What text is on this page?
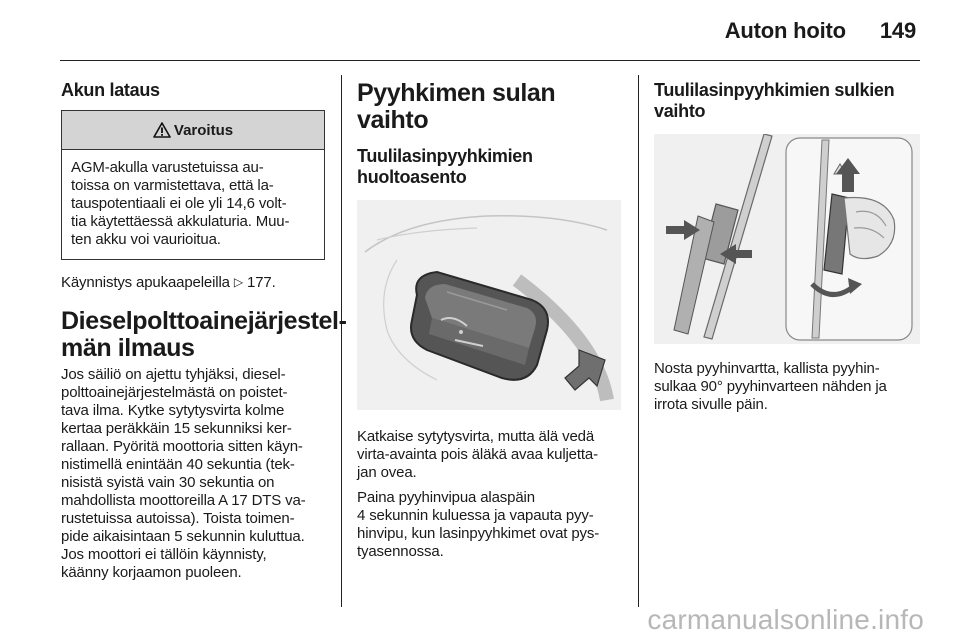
Auton hoito 149
Akun lataus
Varoitus

AGM-akulla varustetuissa au-
toissa on varmistettava, että la-
tauspotentiaali ei ole yli 14,6 volt-
tia käytettäessä akkulaturia. Muu-
ten akku voi vaurioitua.

Käynnistys apukaapeleilla ▷ 177.

Dieselpolttoainejärjestel-
män ilmaus

Jos säiliö on ajettu tyhjäksi, diesel-
polttoainejärjestelmästä on poistet-
tava ilma. Kytke sytytysvirta kolme
kertaa peräkkäin 15 sekunniksi ker-
rallaan. Pyöritä moottoria sitten käyn-
nistimellä enintään 40 sekuntia (tek-
nisistä syistä vain 30 sekuntia on
mahdollista moottoreilla A 17 DTS va-
rustetuissa autoissa). Toista toimen-
pide aikaisintaan 5 sekunnin kuluttua.
Jos moottori ei tällöin käynnisty,
käänny korjaamon puoleen.

Pyyhkimen sulan vaihto
Tuulilasinpyyhkimien
huoltoasento

Katkaise sytytysvirta, mutta älä vedä
virta-avainta pois äläkä avaa kuljetta-
jan ovea.

Paina pyyhinvipua alaspäin
4 sekunnin kuluessa ja vapauta pyy-
hinvipu, kun lasinpyyhkimet ovat pys-
tyasennossa.

Tuulilasinpyyhkimien sulkien
vaihto

Nosta pyyhinvartta, kallista pyyhin-
sulkaa 90° pyyhinvarteen nähden ja
irrota sivulle päin.

carmanualsonline.info
